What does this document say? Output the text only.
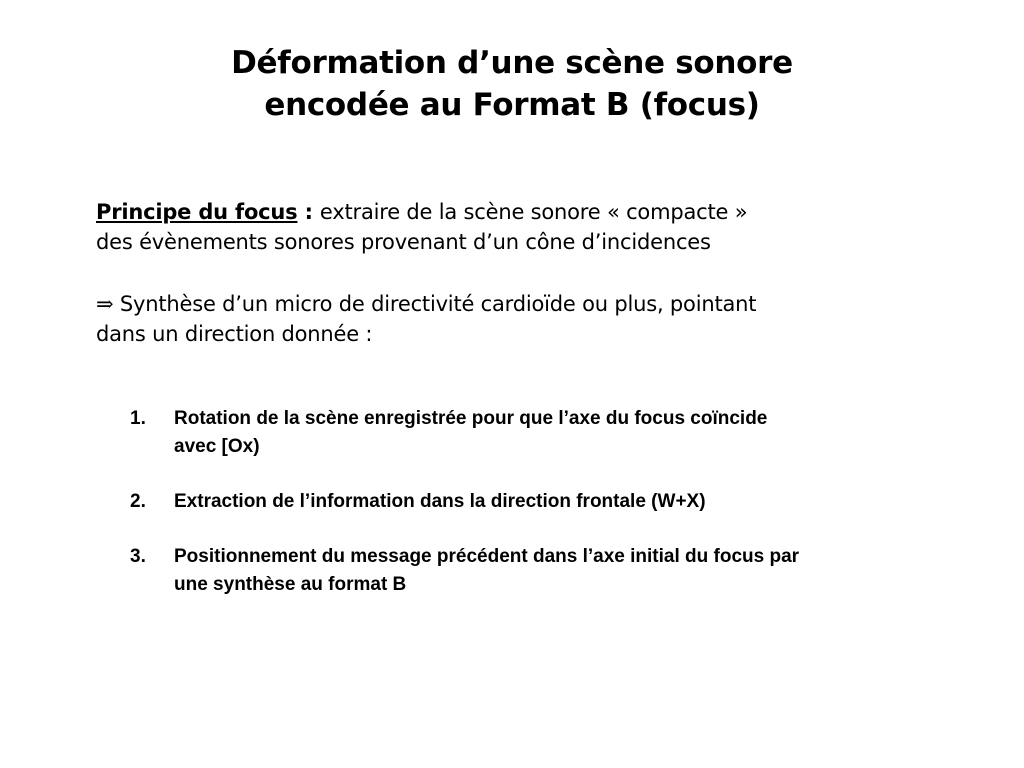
Déformation d’une scène sonore
encodée au Format B (focus)
Principe du focus : extraire de la scène sonore « compacte »
des évènements sonores provenant d’un cône d’incidences
⇒ Synthèse d’un micro de directivité cardioïde ou plus, pointant
dans un direction donnée :
1.	Rotation de la scène enregistrée pour que l’axe du focus coïncide
avec [Ox)
2.	Extraction de l’information dans la direction frontale (W+X)
3.	Positionnement du message précédent dans l’axe initial du focus par
une synthèse au format B
